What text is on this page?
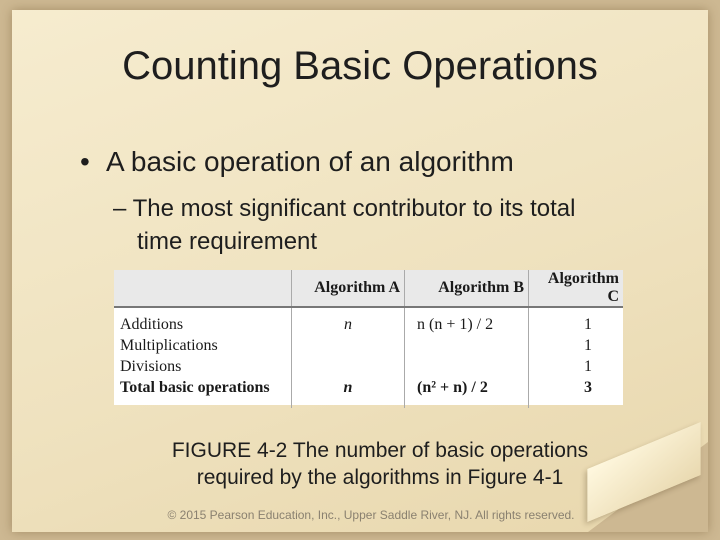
Counting Basic Operations
• A basic operation of an algorithm
– The most significant contributor to its total
time requirement
	Algorithm A	Algorithm B	Algorithm C
Additions	n	n (n + 1) / 2	1
Multiplications			1
Divisions			1
Total basic operations	n	(n² + n) / 2	3
FIGURE 4-2 The number of basic operations
required by the algorithms in Figure 4-1
© 2015 Pearson Education, Inc., Upper Saddle River, NJ. All rights reserved.
